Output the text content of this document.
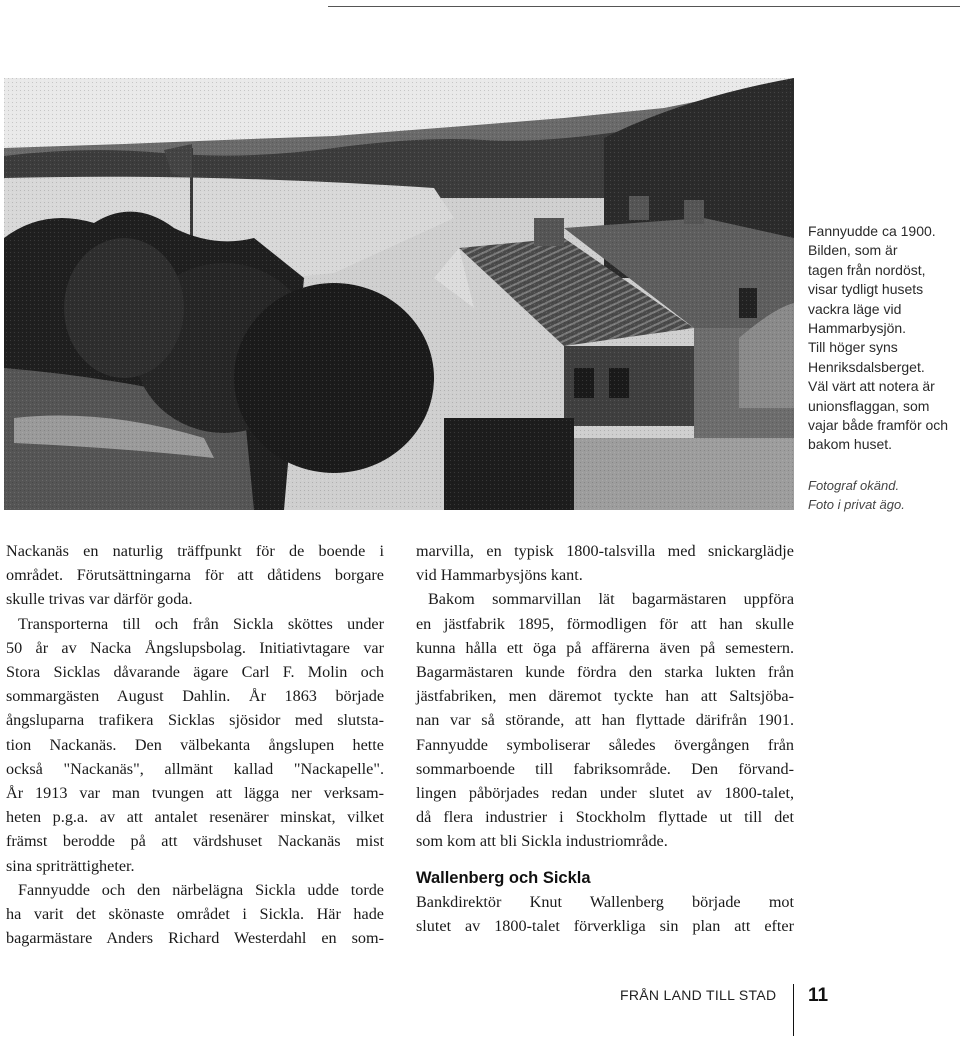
Fannyudde ca 1900.
Bilden, som är
tagen från nordöst,
visar tydligt husets
vackra läge vid
Hammarbysjön.
Till höger syns
Henriksdalsberget.
Väl värt att notera är
unionsflaggan, som
vajar både framför och
bakom huset.
Fotograf okänd.
Foto i privat ägo.
Nackanäs en naturlig träffpunkt för de boende i
området. Förutsättningarna för att dåtidens borgare
skulle trivas var därför goda.
Transporterna till och från Sickla sköttes under
50 år av Nacka Ångslupsbolag. Initiativtagare var
Stora Sicklas dåvarande ägare Carl F. Molin och
sommargästen August Dahlin. År 1863 började
ångsluparna trafikera Sicklas sjösidor med slutsta-
tion Nackanäs. Den välbekanta ångslupen hette
också "Nackanäs", allmänt kallad "Nackapelle".
År 1913 var man tvungen att lägga ner verksam-
heten p.g.a. av att antalet resenärer minskat, vilket
främst berodde på att värdshuset Nackanäs mist
sina spriträttigheter.
Fannyudde och den närbelägna Sickla udde torde
ha varit det skönaste området i Sickla. Här hade
bagarmästare Anders Richard Westerdahl en som-
marvilla, en typisk 1800-talsvilla med snickarglädje
vid Hammarbysjöns kant.
Bakom sommarvillan lät bagarmästaren uppföra
en jästfabrik 1895, förmodligen för att han skulle
kunna hålla ett öga på affärerna även på semestern.
Bagarmästaren kunde fördra den starka lukten från
jästfabriken, men däremot tyckte han att Saltsjöba-
nan var så störande, att han flyttade därifrån 1901.
Fannyudde symboliserar således övergången från
sommarboende till fabriksområde. Den förvand-
lingen påbörjades redan under slutet av 1800-talet,
då flera industrier i Stockholm flyttade ut till det
som kom att bli Sickla industriområde.
Wallenberg och Sickla
Bankdirektör Knut Wallenberg började mot
slutet av 1800-talet förverkliga sin plan att efter
FRÅN LAND TILL STAD 11
